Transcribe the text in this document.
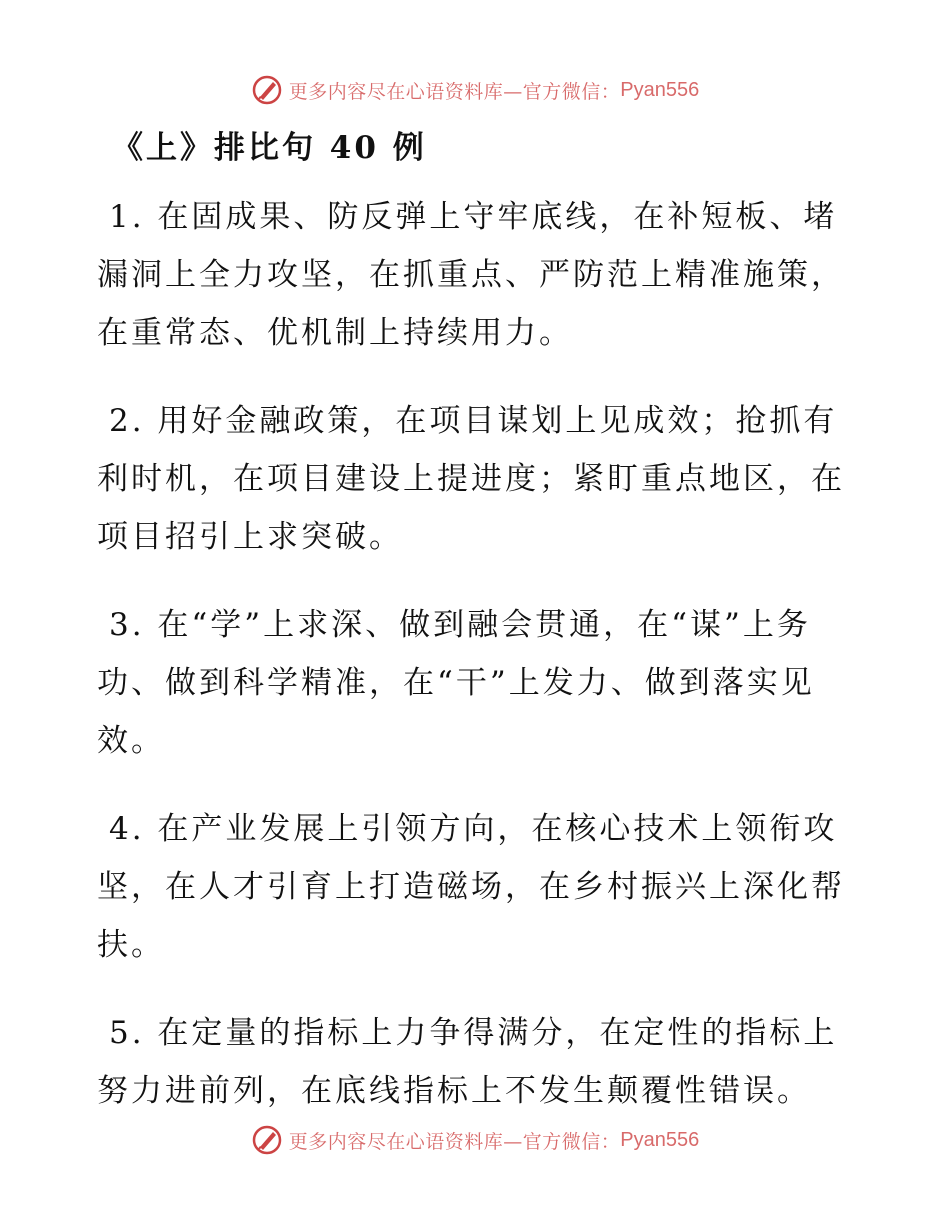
更多内容尽在心语资料库—官方微信： Pyan556
《上》排比句 40 例

1. 在固成果、防反弹上守牢底线，在补短板、堵漏洞上全力攻坚，在抓重点、严防范上精准施策，在重常态、优机制上持续用力。

2. 用好金融政策，在项目谋划上见成效；抢抓有利时机，在项目建设上提进度；紧盯重点地区，在项目招引上求突破。

3. 在“学”上求深、做到融会贯通，在“谋”上务功、做到科学精准，在“干”上发力、做到落实见效。

4. 在产业发展上引领方向，在核心技术上领衔攻坚，在人才引育上打造磁场，在乡村振兴上深化帮扶。

5. 在定量的指标上力争得满分，在定性的指标上努力进前列，在底线指标上不发生颠覆性错误。

更多内容尽在心语资料库—官方微信： Pyan556
